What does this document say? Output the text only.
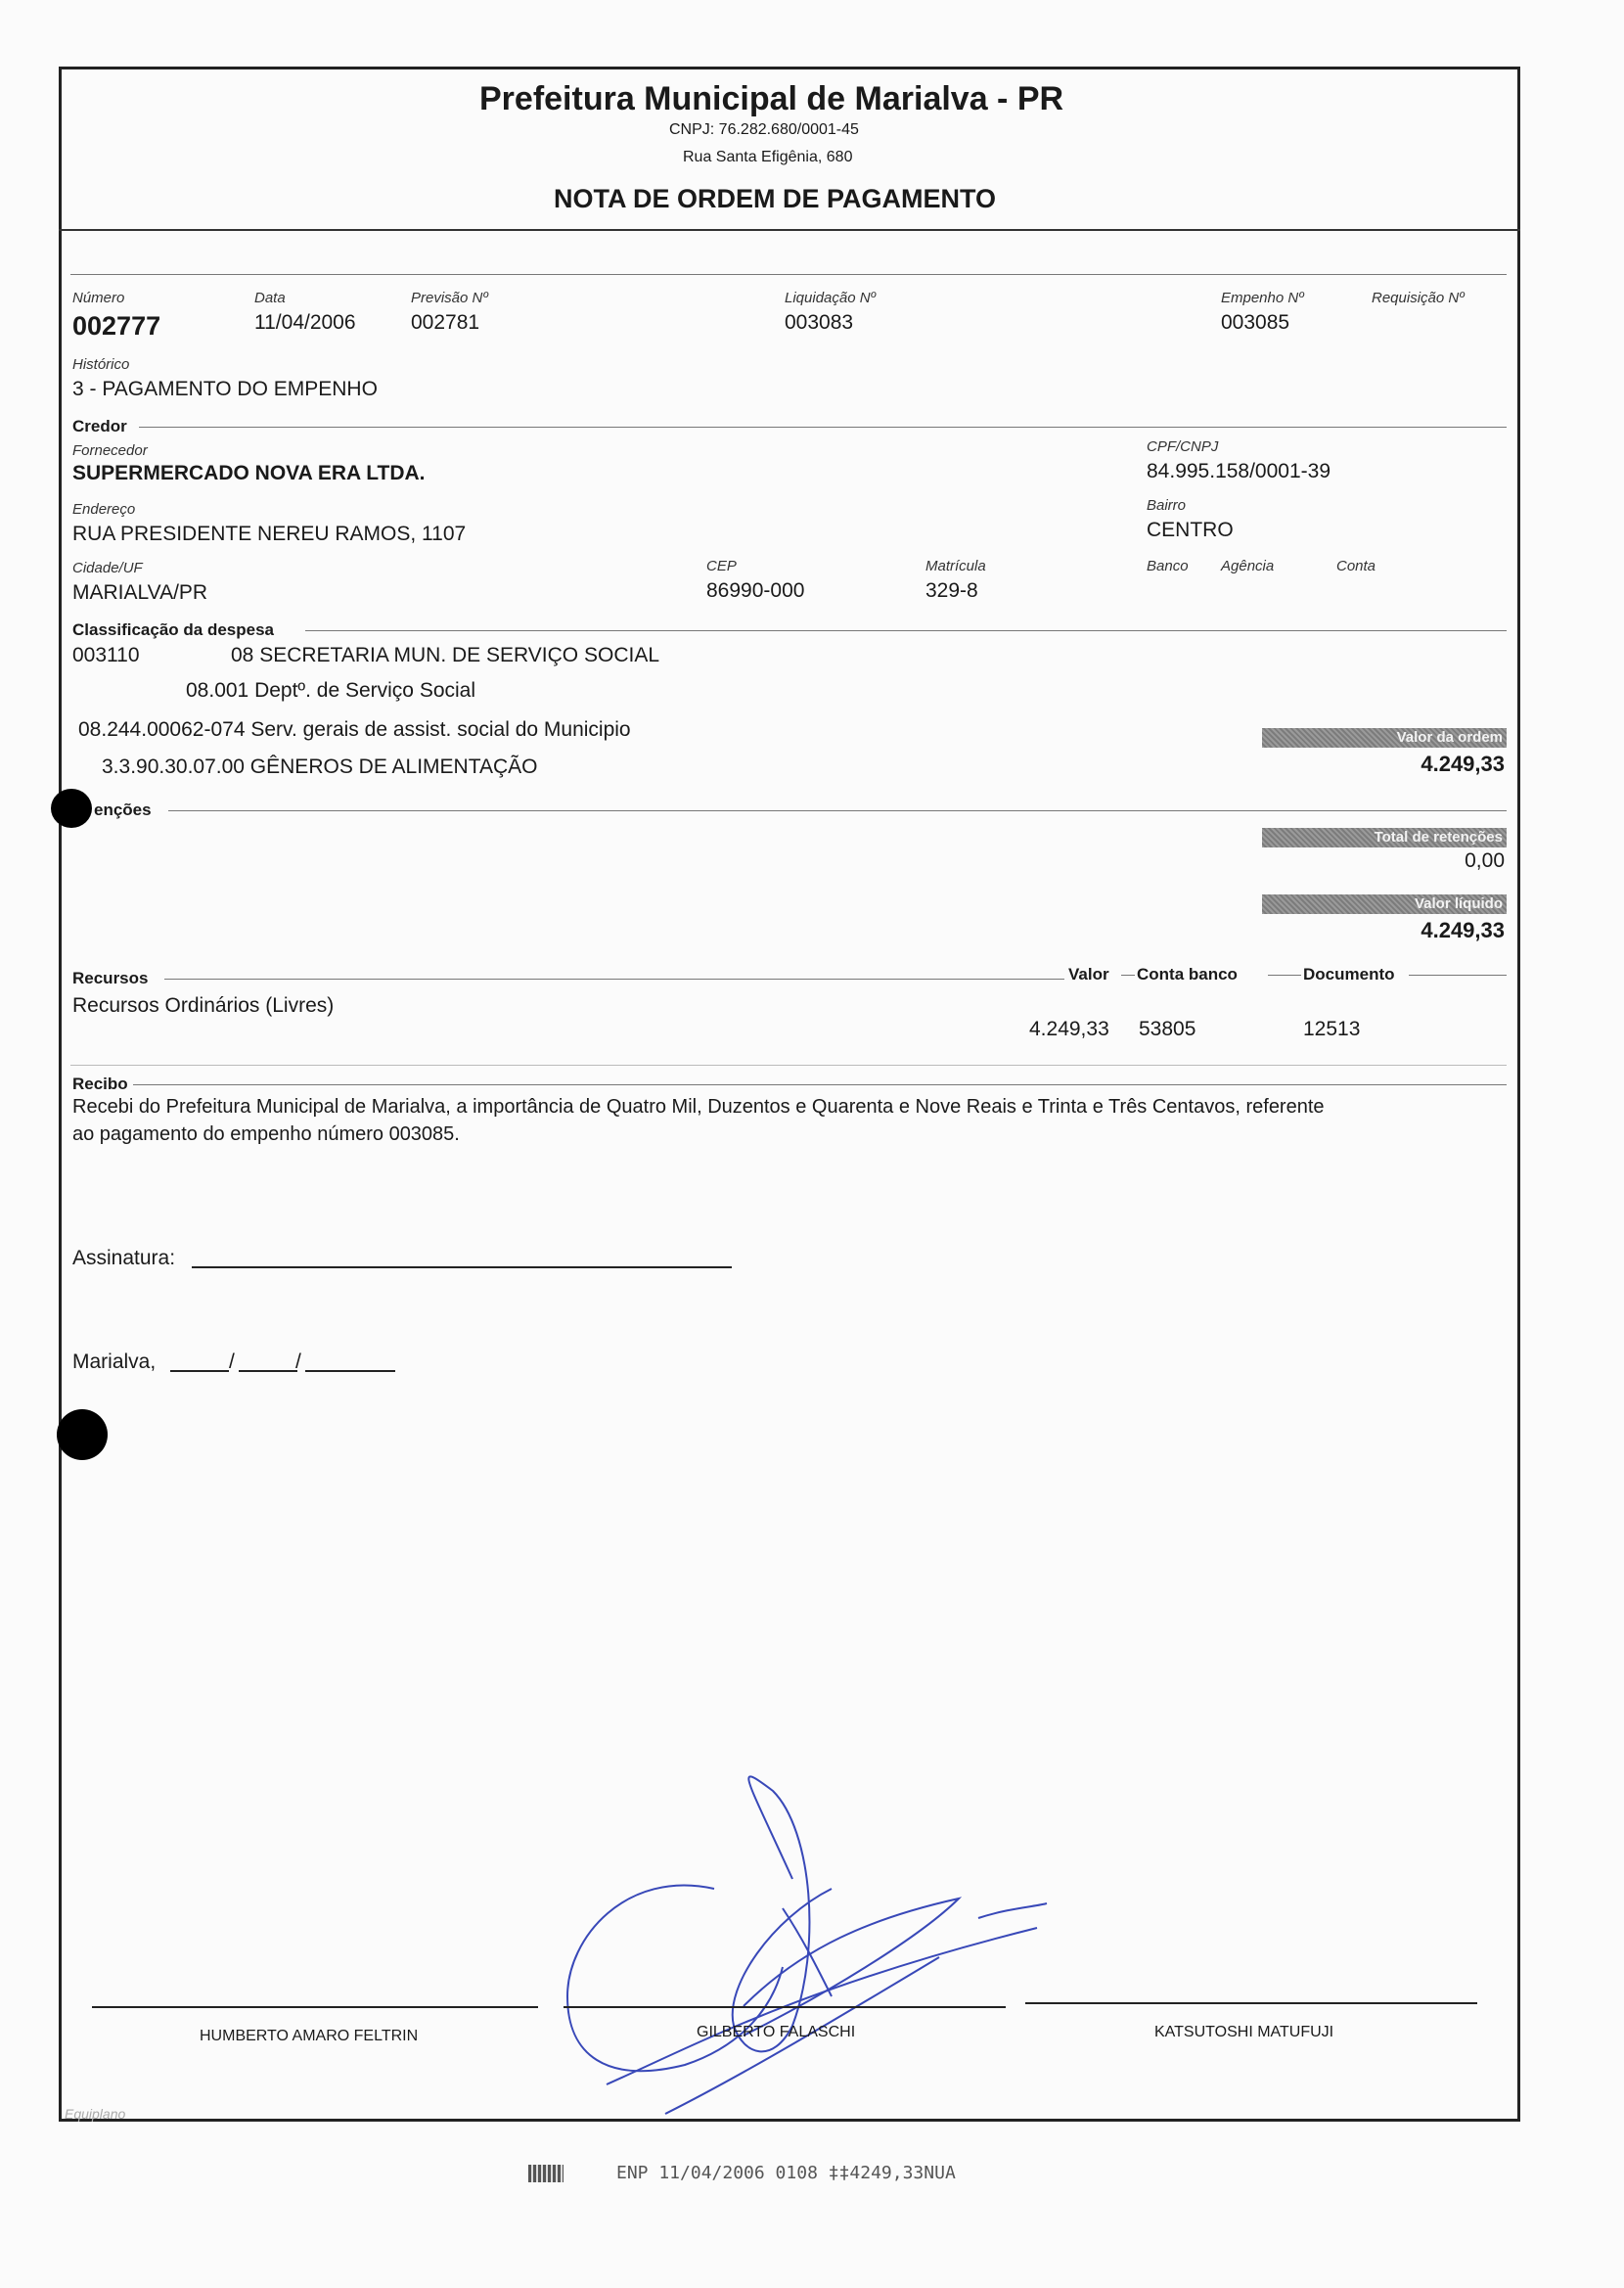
Prefeitura Municipal de Marialva - PR
CNPJ: 76.282.680/0001-45
Rua Santa Efigênia, 680
NOTA DE ORDEM DE PAGAMENTO
Número
002777
Data
11/04/2006
Previsão Nº
002781
Liquidação Nº
003083
Empenho Nº
003085
Requisição Nº
Histórico
3 - PAGAMENTO DO EMPENHO
Credor
Fornecedor
SUPERMERCADO NOVA ERA LTDA.
CPF/CNPJ
84.995.158/0001-39
Endereço
RUA PRESIDENTE NEREU RAMOS, 1107
Bairro
CENTRO
Cidade/UF
MARIALVA/PR
CEP
86990-000
Matrícula
329-8
Banco Agência	Conta
Classificação da despesa
003110	08 SECRETARIA MUN. DE SERVIÇO SOCIAL
08.001 Deptº. de Serviço Social
08.244.00062-074 Serv. gerais de assist. social do Municipio
3.3.90.30.07.00 GÊNEROS DE ALIMENTAÇÃO
Valor da ordem
4.249,33
enções
Total de retenções
0,00
Valor líquido
4.249,33
Recursos	Valor Conta banco	Documento
Recursos Ordinários (Livres)
4.249,33 53805	12513
Recibo
Recebi do Prefeitura Municipal de Marialva, a importância de Quatro Mil, Duzentos e Quarenta e Nove Reais e Trinta e Três Centavos, referente
ao pagamento do empenho número 003085.
Assinatura:
Marialva,	/	/
HUMBERTO AMARO FELTRIN	GILBERTO FALASCHI	KATSUTOSHI MATUFUJI
Equiplano
ENP 11/04/2006 0108 ‡‡4249,33NUA
